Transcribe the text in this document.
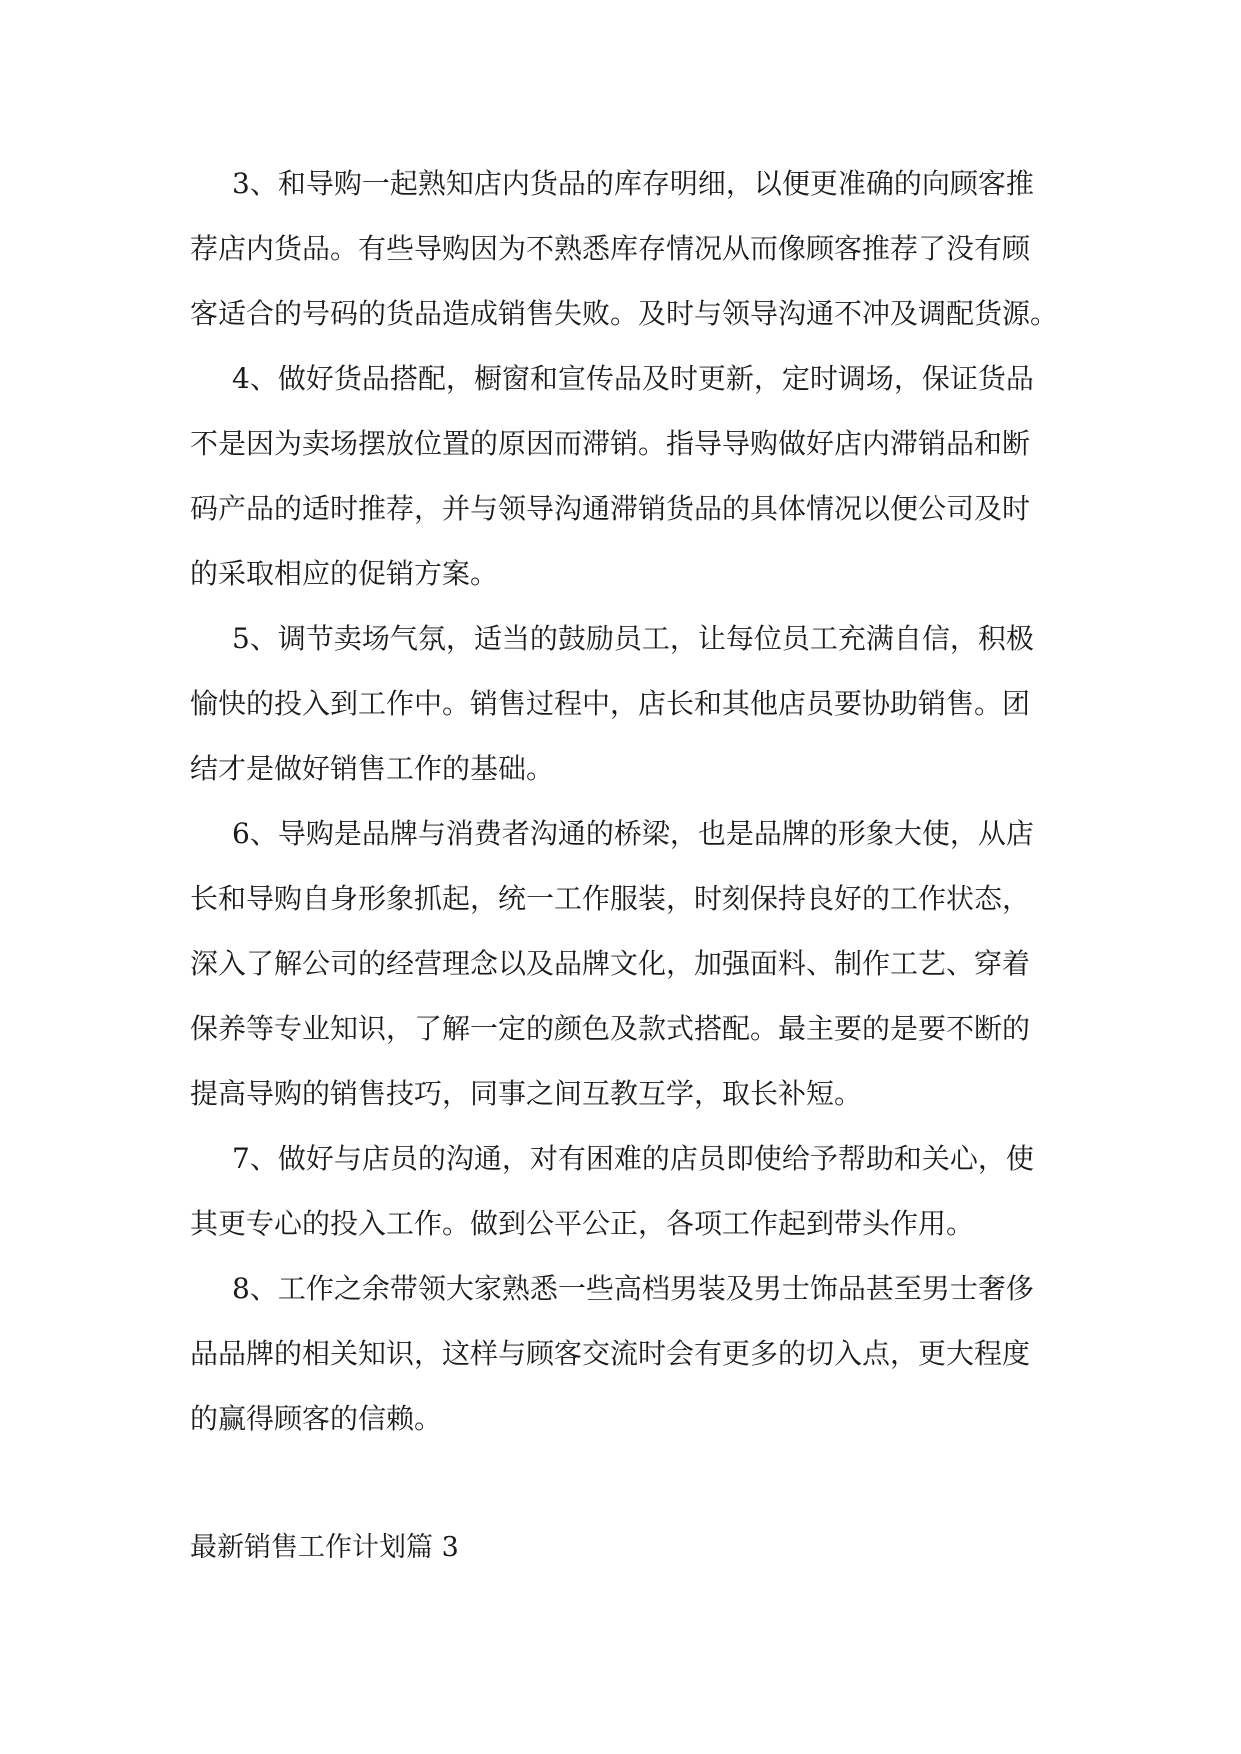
3、和导购一起熟知店内货品的库存明细，以便更准确的向顾客推
荐店内货品。有些导购因为不熟悉库存情况从而像顾客推荐了没有顾
客适合的号码的货品造成销售失败。及时与领导沟通不冲及调配货源。
4、做好货品搭配，橱窗和宣传品及时更新，定时调场，保证货品
不是因为卖场摆放位置的原因而滞销。指导导购做好店内滞销品和断
码产品的适时推荐，并与领导沟通滞销货品的具体情况以便公司及时
的采取相应的促销方案。
5、调节卖场气氛，适当的鼓励员工，让每位员工充满自信，积极
愉快的投入到工作中。销售过程中，店长和其他店员要协助销售。团
结才是做好销售工作的基础。
6、导购是品牌与消费者沟通的桥梁，也是品牌的形象大使，从店
长和导购自身形象抓起，统一工作服装，时刻保持良好的工作状态，
深入了解公司的经营理念以及品牌文化，加强面料、制作工艺、穿着
保养等专业知识，了解一定的颜色及款式搭配。最主要的是要不断的
提高导购的销售技巧，同事之间互教互学，取长补短。
7、做好与店员的沟通，对有困难的店员即使给予帮助和关心，使
其更专心的投入工作。做到公平公正，各项工作起到带头作用。
8、工作之余带领大家熟悉一些高档男装及男士饰品甚至男士奢侈
品品牌的相关知识，这样与顾客交流时会有更多的切入点，更大程度
的赢得顾客的信赖。
最新销售工作计划篇 3
